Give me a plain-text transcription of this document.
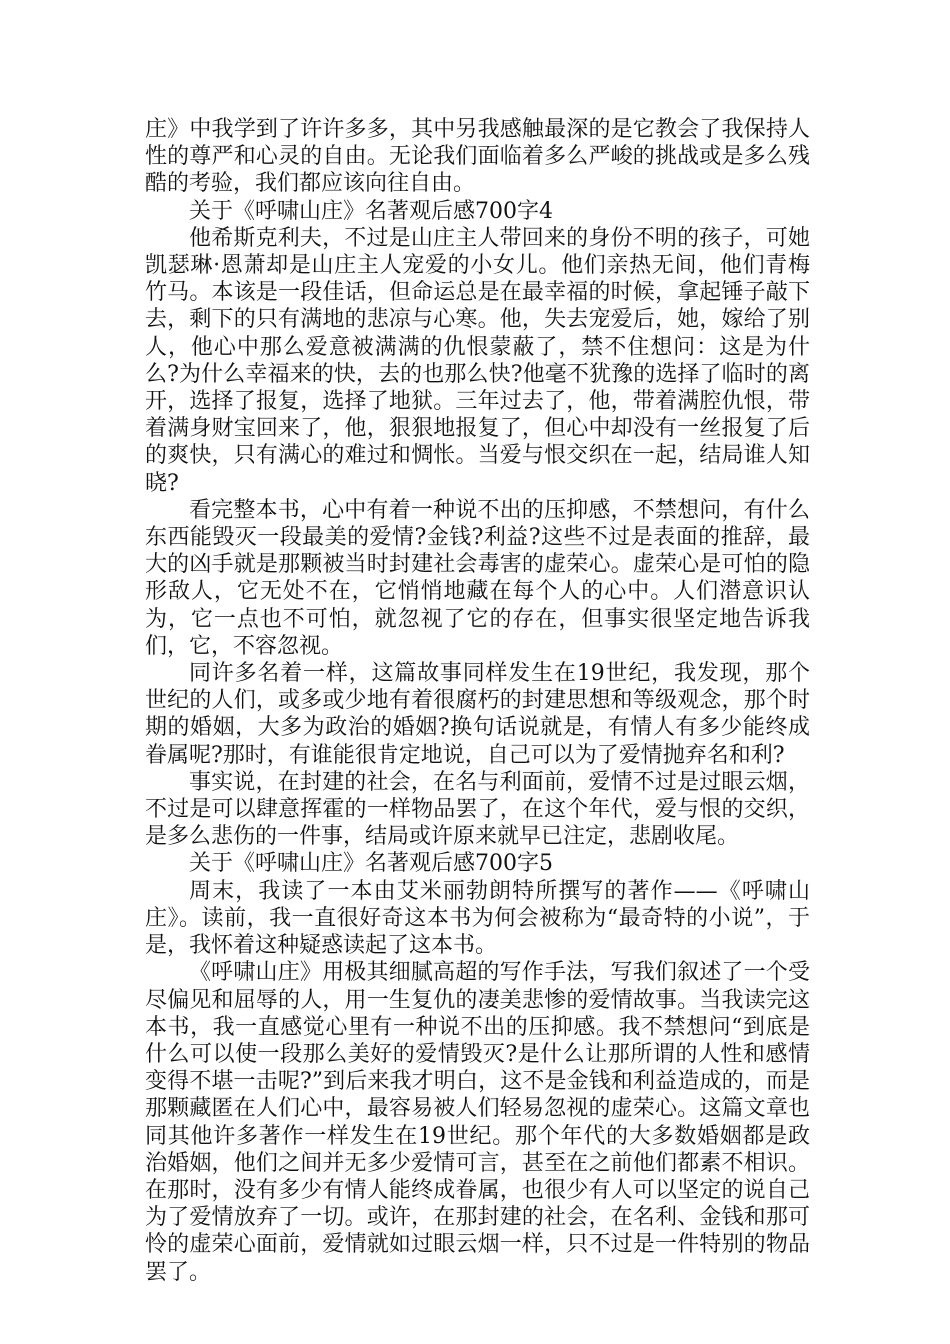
庄》中我学到了许许多多，其中另我感触最深的是它教会了我保持人性的尊严和心灵的自由。无论我们面临着多么严峻的挑战或是多么残酷的考验，我们都应该向往自由。

关于《呼啸山庄》名著观后感700字4

他希斯克利夫，不过是山庄主人带回来的身份不明的孩子，可她凯瑟琳·恩萧却是山庄主人宠爱的小女儿。他们亲热无间，他们青梅竹马。本该是一段佳话，但命运总是在最幸福的时候，拿起锤子敲下去，剩下的只有满地的悲凉与心寒。他，失去宠爱后，她，嫁给了别人，他心中那么爱意被满满的仇恨蒙蔽了，禁不住想问：这是为什么?为什么幸福来的快，去的也那么快?他毫不犹豫的选择了临时的离开，选择了报复，选择了地狱。三年过去了，他，带着满腔仇恨，带着满身财宝回来了，他，狠狠地报复了，但心中却没有一丝报复了后的爽快，只有满心的难过和惆怅。当爱与恨交织在一起，结局谁人知晓?

看完整本书，心中有着一种说不出的压抑感，不禁想问，有什么东西能毁灭一段最美的爱情?金钱?利益?这些不过是表面的推辞，最大的凶手就是那颗被当时封建社会毒害的虚荣心。虚荣心是可怕的隐形敌人，它无处不在，它悄悄地藏在每个人的心中。人们潜意识认为，它一点也不可怕，就忽视了它的存在，但事实很坚定地告诉我们，它，不容忽视。

同许多名着一样，这篇故事同样发生在19世纪，我发现，那个世纪的人们，或多或少地有着很腐朽的封建思想和等级观念，那个时期的婚姻，大多为政治的婚姻?换句话说就是，有情人有多少能终成眷属呢?那时，有谁能很肯定地说，自己可以为了爱情抛弃名和利?

事实说，在封建的社会，在名与利面前，爱情不过是过眼云烟，不过是可以肆意挥霍的一样物品罢了，在这个年代，爱与恨的交织，是多么悲伤的一件事，结局或许原来就早已注定，悲剧收尾。

关于《呼啸山庄》名著观后感700字5

周末，我读了一本由艾米丽勃朗特所撰写的著作——《呼啸山庄》。读前，我一直很好奇这本书为何会被称为“最奇特的小说”，于是，我怀着这种疑惑读起了这本书。

《呼啸山庄》用极其细腻高超的写作手法，写我们叙述了一个受尽偏见和屈辱的人，用一生复仇的凄美悲惨的爱情故事。当我读完这本书，我一直感觉心里有一种说不出的压抑感。我不禁想问“到底是什么可以使一段那么美好的爱情毁灭?是什么让那所谓的人性和感情变得不堪一击呢?”到后来我才明白，这不是金钱和利益造成的，而是那颗藏匿在人们心中，最容易被人们轻易忽视的虚荣心。这篇文章也同其他许多著作一样发生在19世纪。那个年代的大多数婚姻都是政治婚姻，他们之间并无多少爱情可言，甚至在之前他们都素不相识。在那时，没有多少有情人能终成眷属，也很少有人可以坚定的说自己为了爱情放弃了一切。或许，在那封建的社会，在名利、金钱和那可怜的虚荣心面前，爱情就如过眼云烟一样，只不过是一件特别的物品罢了。
